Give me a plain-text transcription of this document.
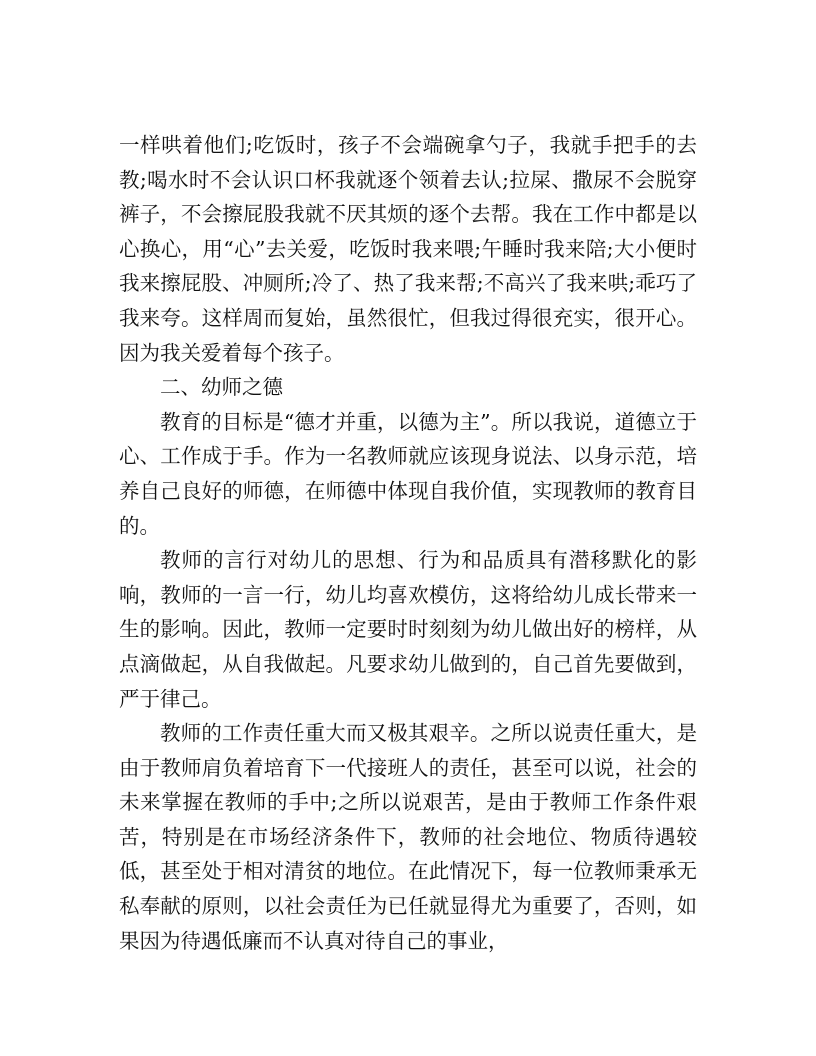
一样哄着他们;吃饭时，孩子不会端碗拿勺子，我就手把手的去教;喝水时不会认识口杯我就逐个领着去认;拉屎、撒尿不会脱穿裤子，不会擦屁股我就不厌其烦的逐个去帮。我在工作中都是以心换心，用“心”去关爱，吃饭时我来喂;午睡时我来陪;大小便时我来擦屁股、冲厕所;冷了、热了我来帮;不高兴了我来哄;乖巧了我来夸。这样周而复始，虽然很忙，但我过得很充实，很开心。因为我关爱着每个孩子。

二、幼师之德

教育的目标是“德才并重，以德为主”。所以我说，道德立于心、工作成于手。作为一名教师就应该现身说法、以身示范，培养自己良好的师德，在师德中体现自我价值，实现教师的教育目的。

教师的言行对幼儿的思想、行为和品质具有潜移默化的影响，教师的一言一行，幼儿均喜欢模仿，这将给幼儿成长带来一生的影响。因此，教师一定要时时刻刻为幼儿做出好的榜样，从点滴做起，从自我做起。凡要求幼儿做到的，自己首先要做到，严于律己。

教师的工作责任重大而又极其艰辛。之所以说责任重大，是由于教师肩负着培育下一代接班人的责任，甚至可以说，社会的未来掌握在教师的手中;之所以说艰苦，是由于教师工作条件艰苦，特别是在市场经济条件下，教师的社会地位、物质待遇较低，甚至处于相对清贫的地位。在此情况下，每一位教师秉承无私奉献的原则，以社会责任为已任就显得尤为重要了，否则，如果因为待遇低廉而不认真对待自己的事业，
